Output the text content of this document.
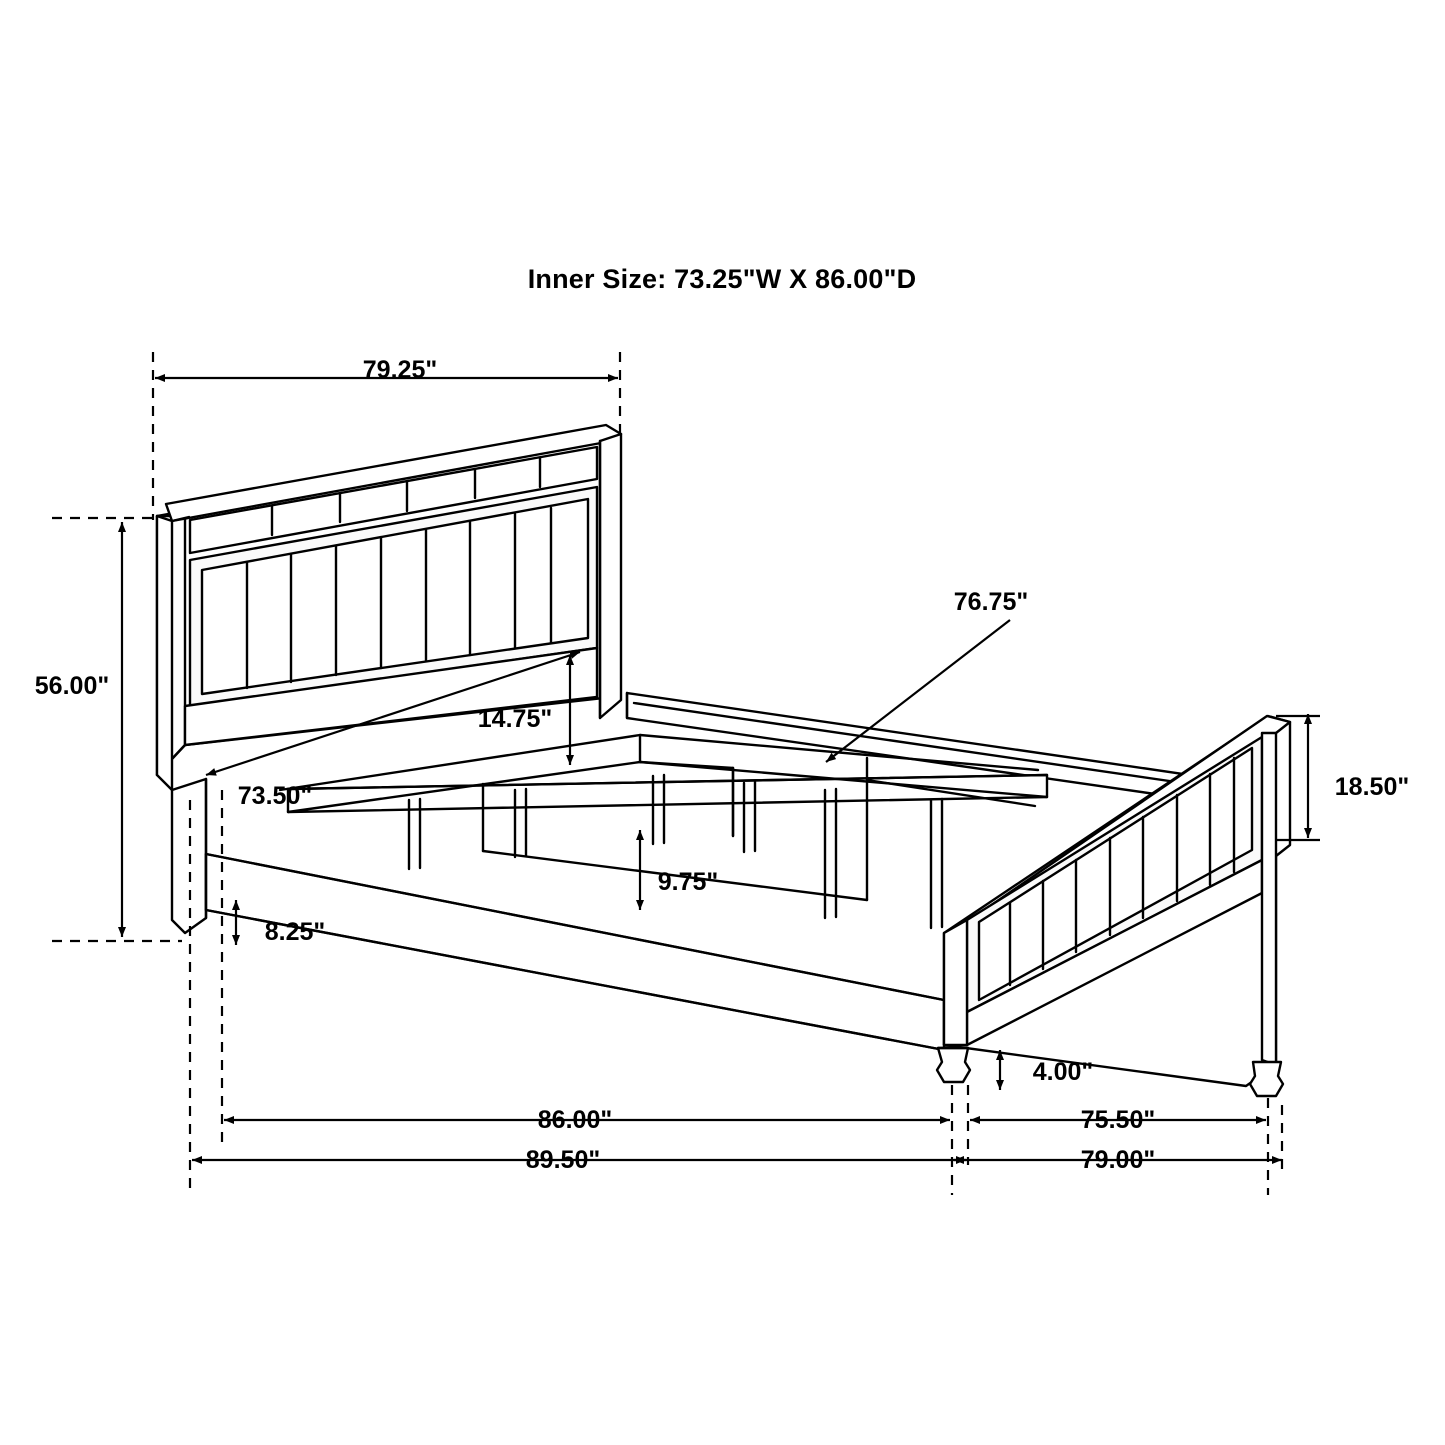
Inner Size: 73.25"W X 86.00"D
79.25"
56.00"
73.50"
14.75"
76.75"
18.50"
9.75"
8.25"
4.00"
86.00"
89.50"
75.50"
79.00"
